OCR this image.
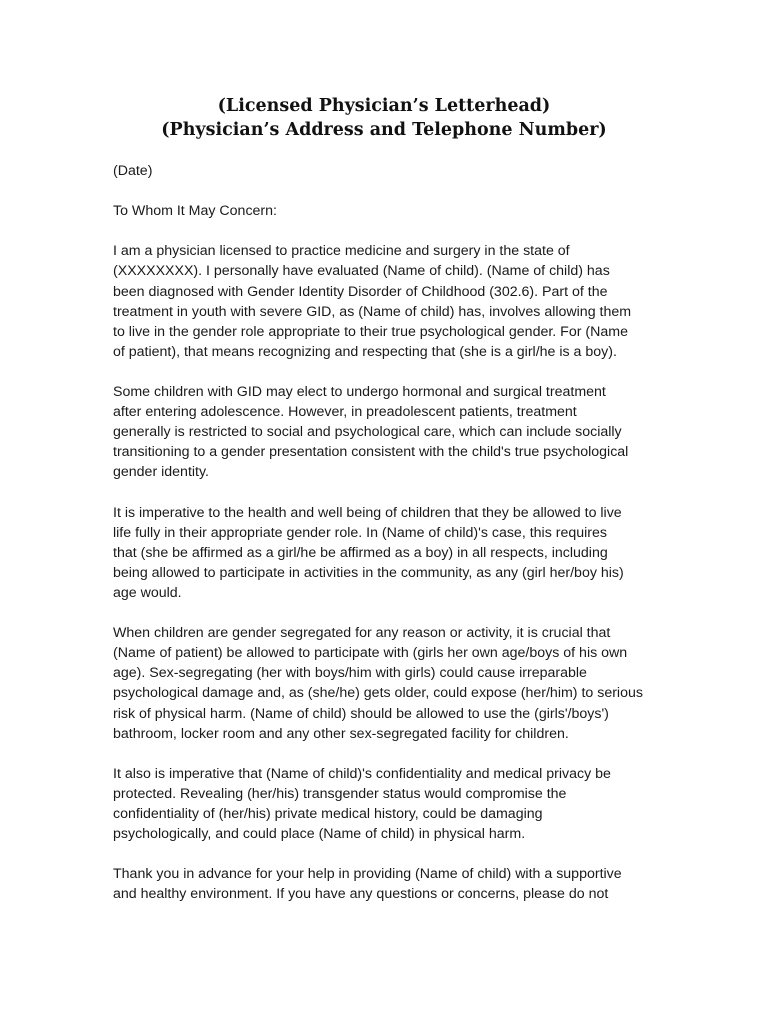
(Licensed Physician’s Letterhead)
(Physician’s Address and Telephone Number)
(Date)
To Whom It May Concern:
I am a physician licensed to practice medicine and surgery in the state of
(XXXXXXXX). I personally have evaluated (Name of child). (Name of child) has
been diagnosed with Gender Identity Disorder of Childhood (302.6). Part of the
treatment in youth with severe GID, as (Name of child) has, involves allowing them
to live in the gender role appropriate to their true psychological gender. For (Name
of patient), that means recognizing and respecting that (she is a girl/he is a boy).
Some children with GID may elect to undergo hormonal and surgical treatment
after entering adolescence. However, in preadolescent patients, treatment
generally is restricted to social and psychological care, which can include socially
transitioning to a gender presentation consistent with the child's true psychological
gender identity.
It is imperative to the health and well being of children that they be allowed to live
life fully in their appropriate gender role. In (Name of child)'s case, this requires
that (she be affirmed as a girl/he be affirmed as a boy) in all respects, including
being allowed to participate in activities in the community, as any (girl her/boy his)
age would.
When children are gender segregated for any reason or activity, it is crucial that
(Name of patient) be allowed to participate with (girls her own age/boys of his own
age). Sex-segregating (her with boys/him with girls) could cause irreparable
psychological damage and, as (she/he) gets older, could expose (her/him) to serious
risk of physical harm. (Name of child) should be allowed to use the (girls'/boys')
bathroom, locker room and any other sex-segregated facility for children.
It also is imperative that (Name of child)'s confidentiality and medical privacy be
protected. Revealing (her/his) transgender status would compromise the
confidentiality of (her/his) private medical history, could be damaging
psychologically, and could place (Name of child) in physical harm.
Thank you in advance for your help in providing (Name of child) with a supportive
and healthy environment. If you have any questions or concerns, please do not
